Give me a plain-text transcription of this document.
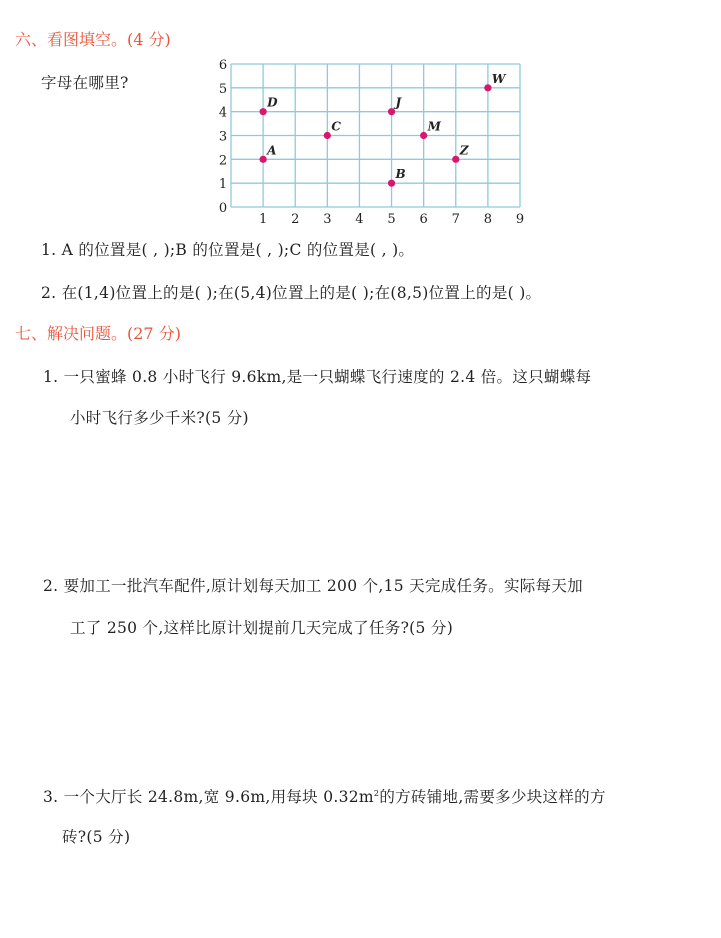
六、看图填空。(4 分)
字母在哪里?
0
1
2
3
4
5
6
1 2 3 4 5 6 7 8 9
A
D
C
J
B
M
Z
W
1. A 的位置是( , );B 的位置是( , );C 的位置是( , )。
2. 在(1,4)位置上的是( );在(5,4)位置上的是( );在(8,5)位置上的是( )。
七、解决问题。(27 分)
1. 一只蜜蜂 0.8 小时飞行 9.6km,是一只蝴蝶飞行速度的 2.4 倍。这只蝴蝶每
小时飞行多少千米?(5 分)
2. 要加工一批汽车配件,原计划每天加工 200 个,15 天完成任务。实际每天加
工了 250 个,这样比原计划提前几天完成了任务?(5 分)
3. 一个大厅长 24.8m,宽 9.6m,用每块 $0.32m^2$的方砖铺地,需要多少块这样的方
砖?(5 分)
